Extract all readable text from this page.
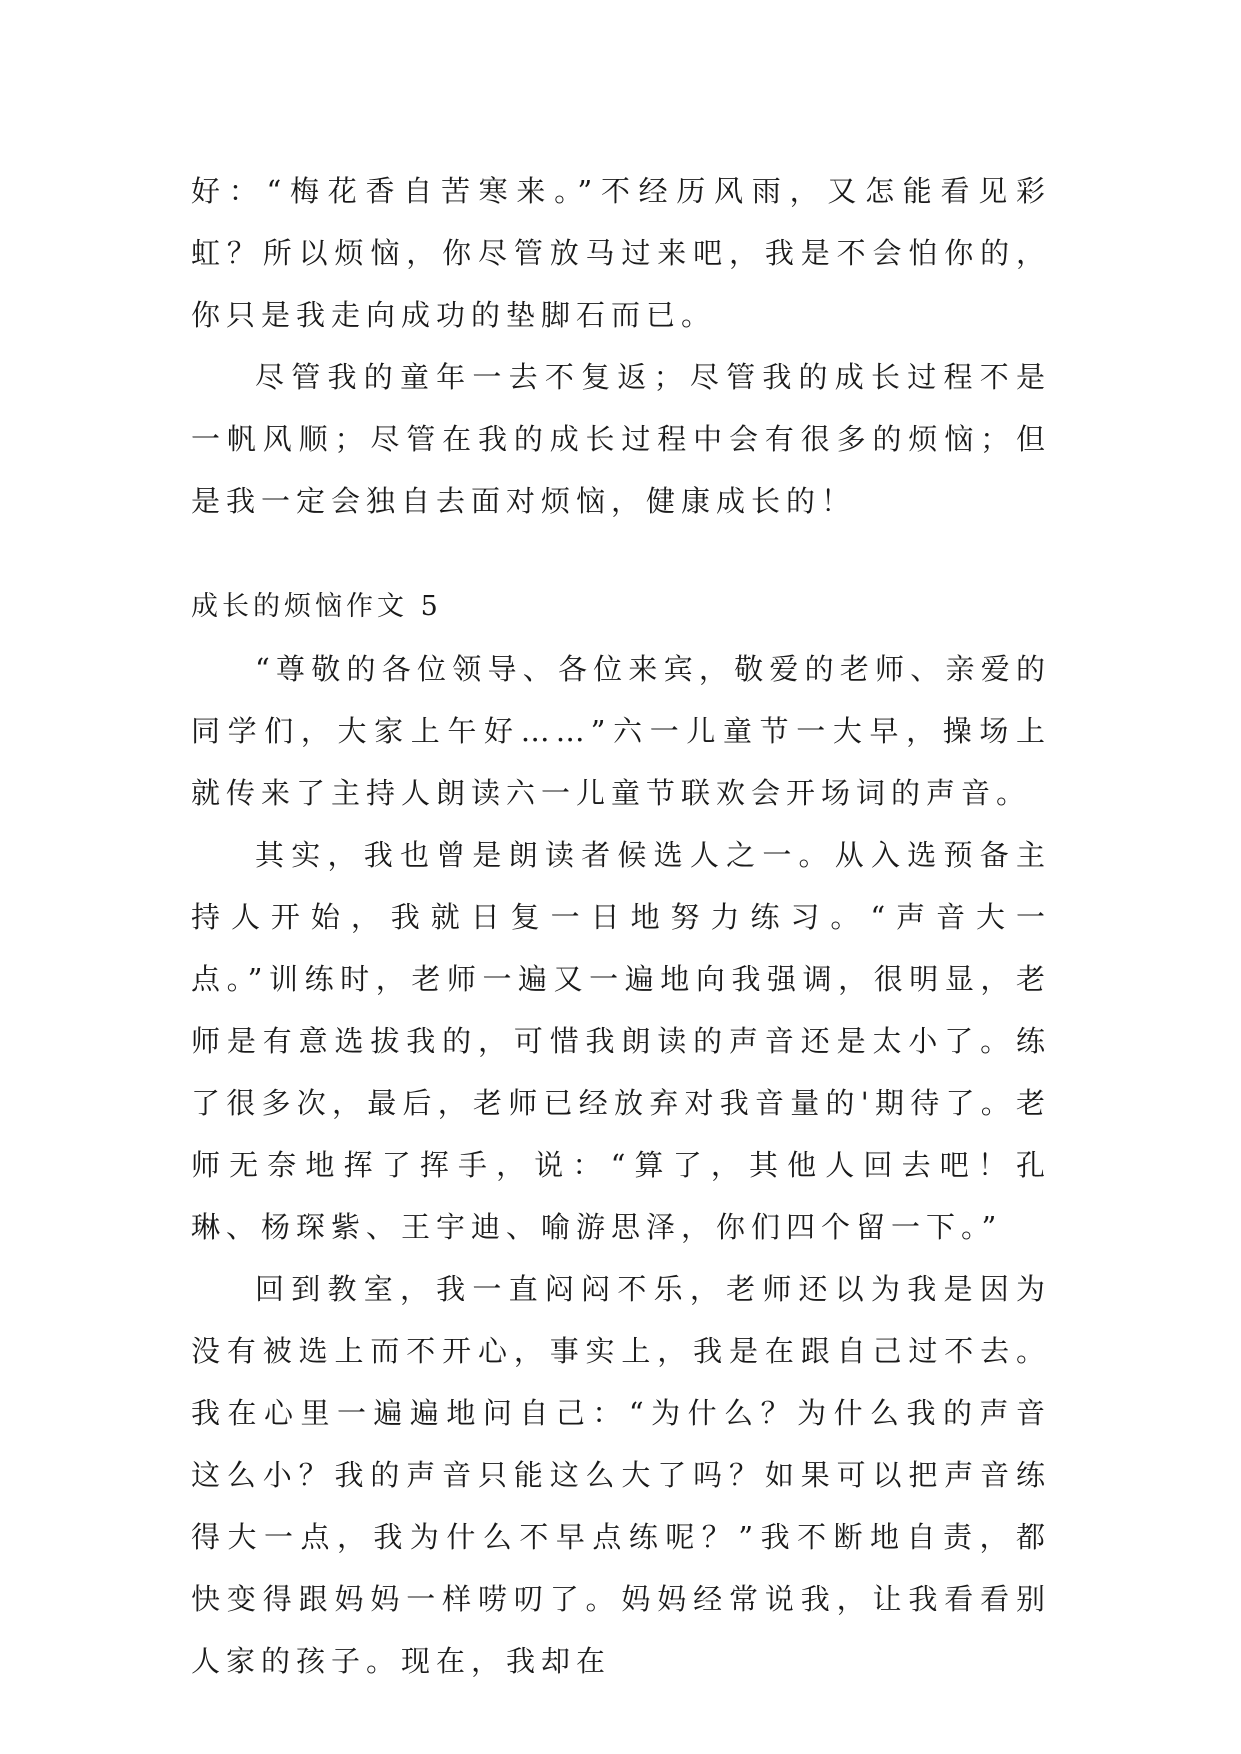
好：“梅花香自苦寒来。”不经历风雨，又怎能看见彩虹？所以烦恼，你尽管放马过来吧，我是不会怕你的，你只是我走向成功的垫脚石而已。

尽管我的童年一去不复返；尽管我的成长过程不是一帆风顺；尽管在我的成长过程中会有很多的烦恼；但是我一定会独自去面对烦恼，健康成长的！

成长的烦恼作文 5

“尊敬的各位领导、各位来宾，敬爱的老师、亲爱的同学们，大家上午好……”六一儿童节一大早，操场上就传来了主持人朗读六一儿童节联欢会开场词的声音。

其实，我也曾是朗读者候选人之一。从入选预备主持人开始，我就日复一日地努力练习。“声音大一点。”训练时，老师一遍又一遍地向我强调，很明显，老师是有意选拔我的，可惜我朗读的声音还是太小了。练了很多次，最后，老师已经放弃对我音量的'期待了。老师无奈地挥了挥手，说：“算了，其他人回去吧！孔琳、杨琛紫、王宇迪、喻游思泽，你们四个留一下。”

回到教室，我一直闷闷不乐，老师还以为我是因为没有被选上而不开心，事实上，我是在跟自己过不去。我在心里一遍遍地问自己：“为什么？为什么我的声音这么小？我的声音只能这么大了吗？如果可以把声音练得大一点，我为什么不早点练呢？”我不断地自责，都快变得跟妈妈一样唠叨了。妈妈经常说我，让我看看别人家的孩子。现在，我却在
